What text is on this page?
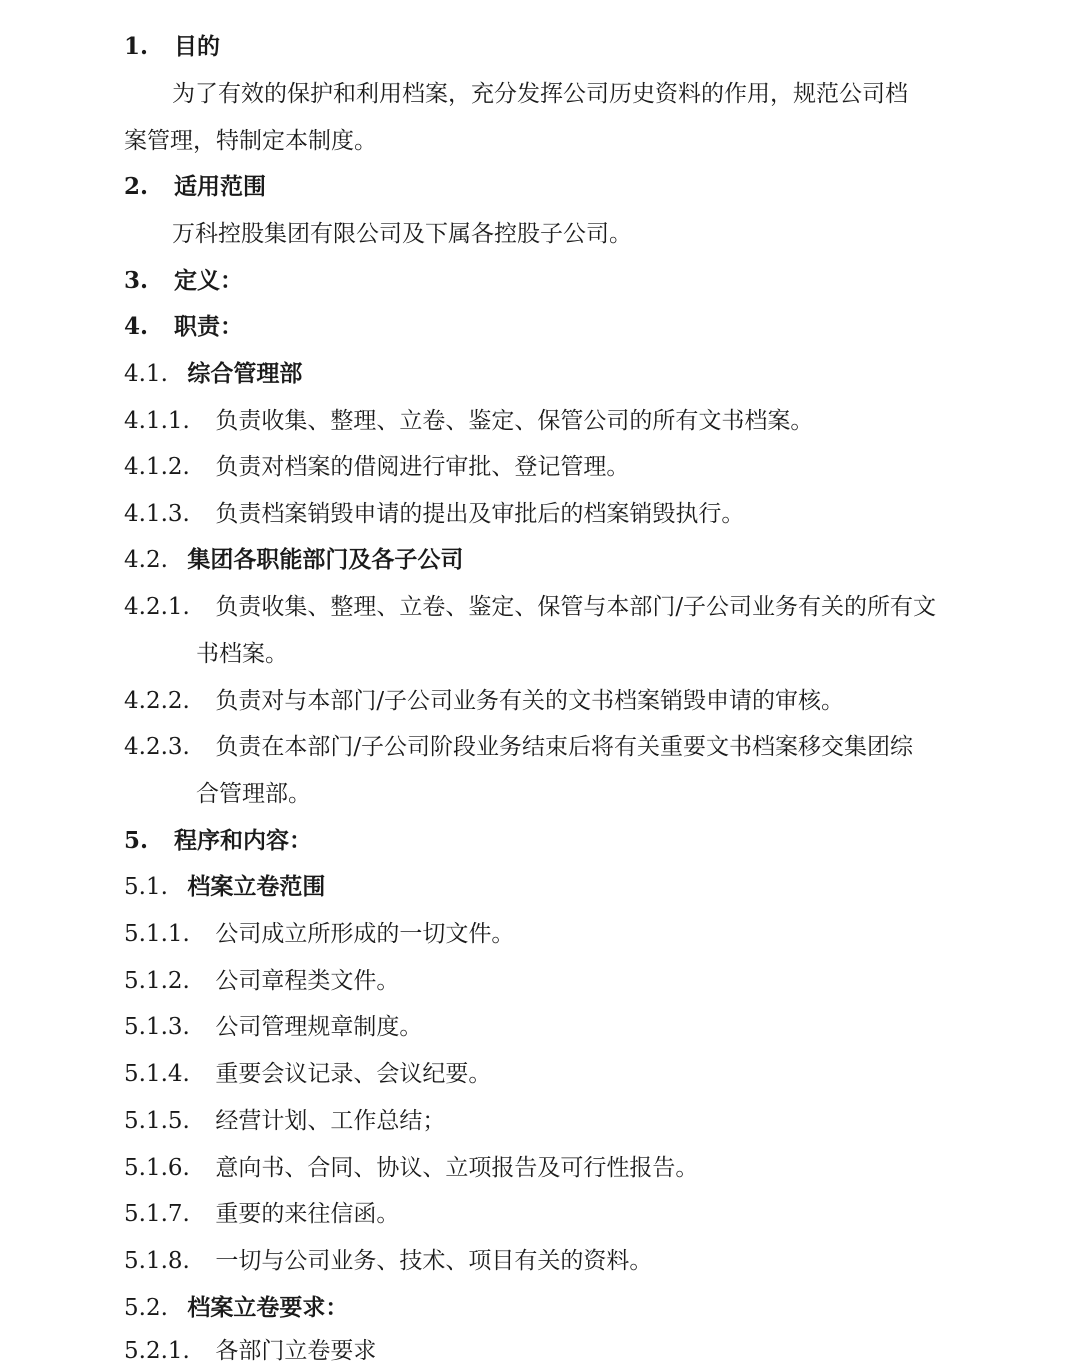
1. 目的
为了有效的保护和利用档案，充分发挥公司历史资料的作用，规范公司档
案管理，特制定本制度。
2. 适用范围
万科控股集团有限公司及下属各控股子公司。
3. 定义：
4. 职责：
4.1. 综合管理部
4.1.1. 负责收集、整理、立卷、鉴定、保管公司的所有文书档案。
4.1.2. 负责对档案的借阅进行审批、登记管理。
4.1.3. 负责档案销毁申请的提出及审批后的档案销毁执行。
4.2. 集团各职能部门及各子公司
4.2.1. 负责收集、整理、立卷、鉴定、保管与本部门/子公司业务有关的所有文
书档案。
4.2.2. 负责对与本部门/子公司业务有关的文书档案销毁申请的审核。
4.2.3. 负责在本部门/子公司阶段业务结束后将有关重要文书档案移交集团综
合管理部。
5. 程序和内容：
5.1. 档案立卷范围
5.1.1. 公司成立所形成的一切文件。
5.1.2. 公司章程类文件。
5.1.3. 公司管理规章制度。
5.1.4. 重要会议记录、会议纪要。
5.1.5. 经营计划、工作总结；
5.1.6. 意向书、合同、协议、立项报告及可行性报告。
5.1.7. 重要的来往信函。
5.1.8. 一切与公司业务、技术、项目有关的资料。
5.2. 档案立卷要求：
5.2.1. 各部门立卷要求
